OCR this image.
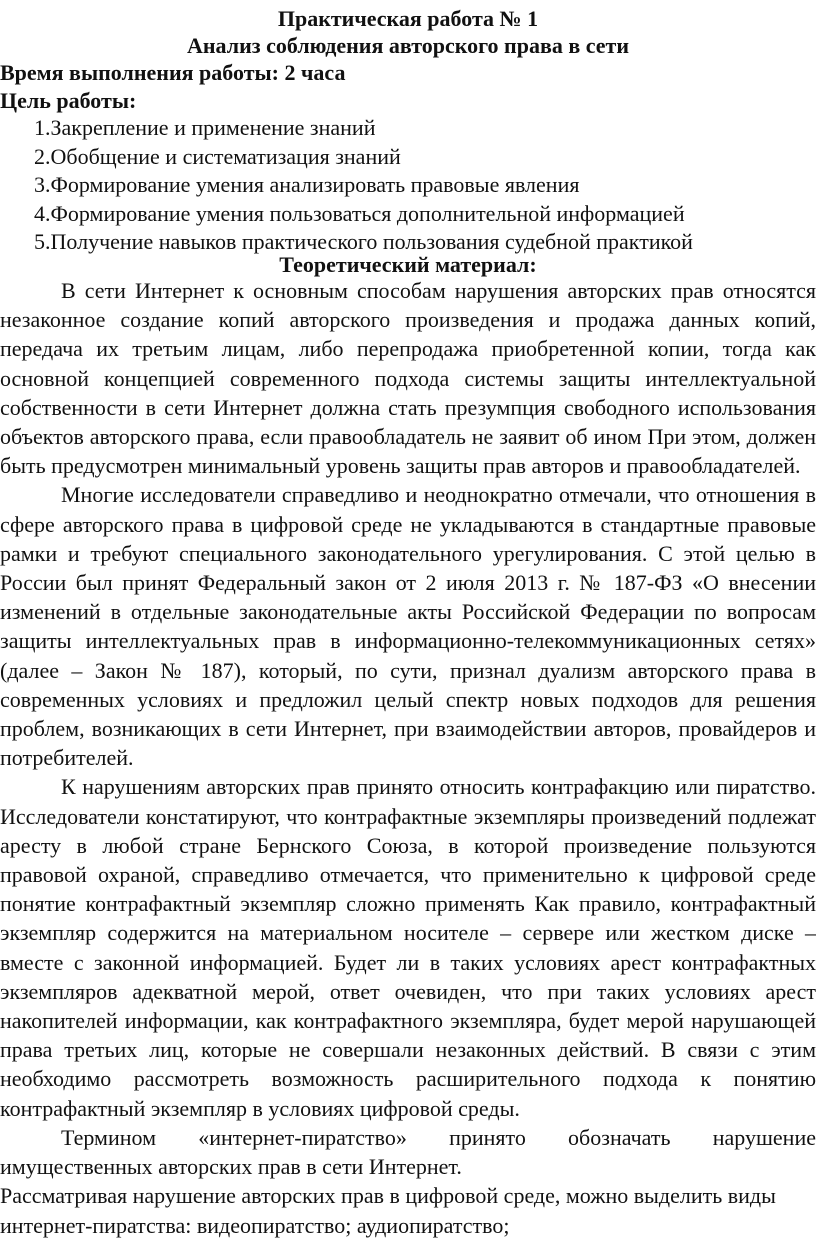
Практическая работа № 1
Анализ соблюдения авторского права в сети
Время выполнения работы: 2 часа
Цель работы:
1.Закрепление и применение знаний
2.Обобщение и систематизация знаний
3.Формирование умения анализировать правовые явления
4.Формирование умения пользоваться дополнительной информацией
5.Получение навыков практического пользования судебной практикой
Теоретический материал:

В сети Интернет к основным способам нарушения авторских прав относятся незаконное создание копий авторского произведения и продажа данных копий, передача их третьим лицам, либо перепродажа приобретенной копии, тогда как основной концепцией современного подхода системы защиты интеллектуальной собственности в сети Интернет должна стать презумпция свободного использования объектов авторского права, если правообладатель не заявит об ином При этом, должен быть предусмотрен минимальный уровень защиты прав авторов и правообладателей.

Многие исследователи справедливо и неоднократно отмечали, что отношения в сфере авторского права в цифровой среде не укладываются в стандартные правовые рамки и требуют специального законодательного урегулирования. С этой целью в России был принят Федеральный закон от 2 июля 2013 г. № 187-ФЗ «О внесении изменений в отдельные законодательные акты Российской Федерации по вопросам защиты интеллектуальных прав в информационно-телекоммуникационных сетях» (далее – Закон № 187), который, по сути, признал дуализм авторского права в современных условиях и предложил целый спектр новых подходов для решения проблем, возникающих в сети Интернет, при взаимодействии авторов, провайдеров и потребителей.

К нарушениям авторских прав принято относить контрафакцию или пиратство. Исследователи констатируют, что контрафактные экземпляры произведений подлежат аресту в любой стране Бернского Союза, в которой произведение пользуются правовой охраной, справедливо отмечается, что применительно к цифровой среде понятие контрафактный экземпляр сложно применять Как правило, контрафактный экземпляр содержится на материальном носителе – сервере или жестком диске – вместе с законной информацией. Будет ли в таких условиях арест контрафактных экземпляров адекватной мерой, ответ очевиден, что при таких условиях арест накопителей информации, как контрафактного экземпляра, будет мерой нарушающей права третьих лиц, которые не совершали незаконных действий. В связи с этим необходимо рассмотреть возможность расширительного подхода к понятию контрафактный экземпляр в условиях цифровой среды.

Термином «интернет-пиратство» принято обозначать нарушение имущественных авторских прав в сети Интернет.

Рассматривая нарушение авторских прав в цифровой среде, можно выделить виды интернет-пиратства: видеопиратство; аудиопиратство;
